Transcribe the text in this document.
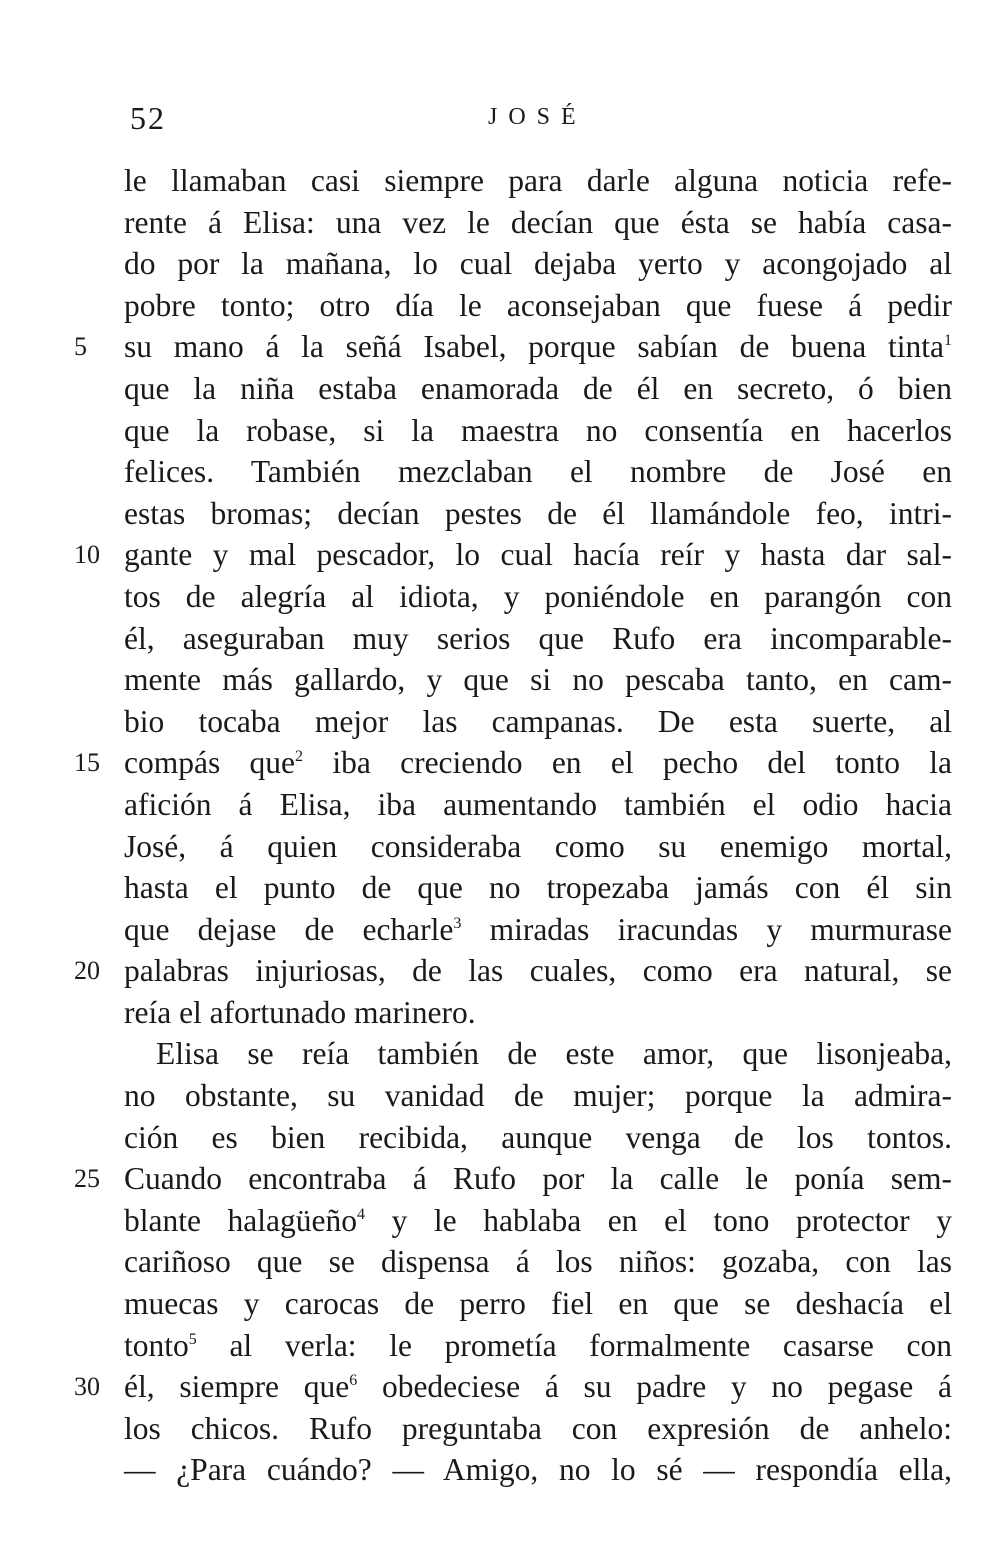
52	JOSÉ
le llamaban casi siempre para darle alguna noticia refe-
rente á Elisa: una vez le decían que ésta se había casa-
do por la mañana, lo cual dejaba yerto y acongojado al
pobre tonto; otro día le aconsejaban que fuese á pedir
5	su mano á la señá Isabel, porque sabían de buena tinta$^1$
que la niña estaba enamorada de él en secreto, ó bien
que la robase, si la maestra no consentía en hacerlos
felices. También mezclaban el nombre de José en
estas bromas; decían pestes de él llamándole feo, intri-
10 gante y mal pescador, lo cual hacía reír y hasta dar sal-
tos de alegría al idiota, y poniéndole en parangón con
él, aseguraban muy serios que Rufo era incomparable-
mente más gallardo, y que si no pescaba tanto, en cam-
bio tocaba mejor las campanas. De esta suerte, al
15 compás que$^2$ iba creciendo en el pecho del tonto la
afición á Elisa, iba aumentando también el odio hacia
José, á quien consideraba como su enemigo mortal,
hasta el punto de que no tropezaba jamás con él sin
que dejase de echarle$^3$ miradas iracundas y murmurase
20 palabras injuriosas, de las cuales, como era natural, se
reía el afortunado marinero.
Elisa se reía también de este amor, que lisonjeaba,
no obstante, su vanidad de mujer; porque la admira-
ción es bien recibida, aunque venga de los tontos.
25 Cuando encontraba á Rufo por la calle le ponía sem-
blante halagüeño$^4$ y le hablaba en el tono protector y
cariñoso que se dispensa á los niños: gozaba, con las
muecas y carocas de perro fiel en que se deshacía el
tonto$^5$ al verla: le prometía formalmente casarse con
30 él, siempre que$^6$ obedeciese á su padre y no pegase á
los chicos. Rufo preguntaba con expresión de anhelo:
— ¿Para cuándo? — Amigo, no lo sé — respondía ella,
